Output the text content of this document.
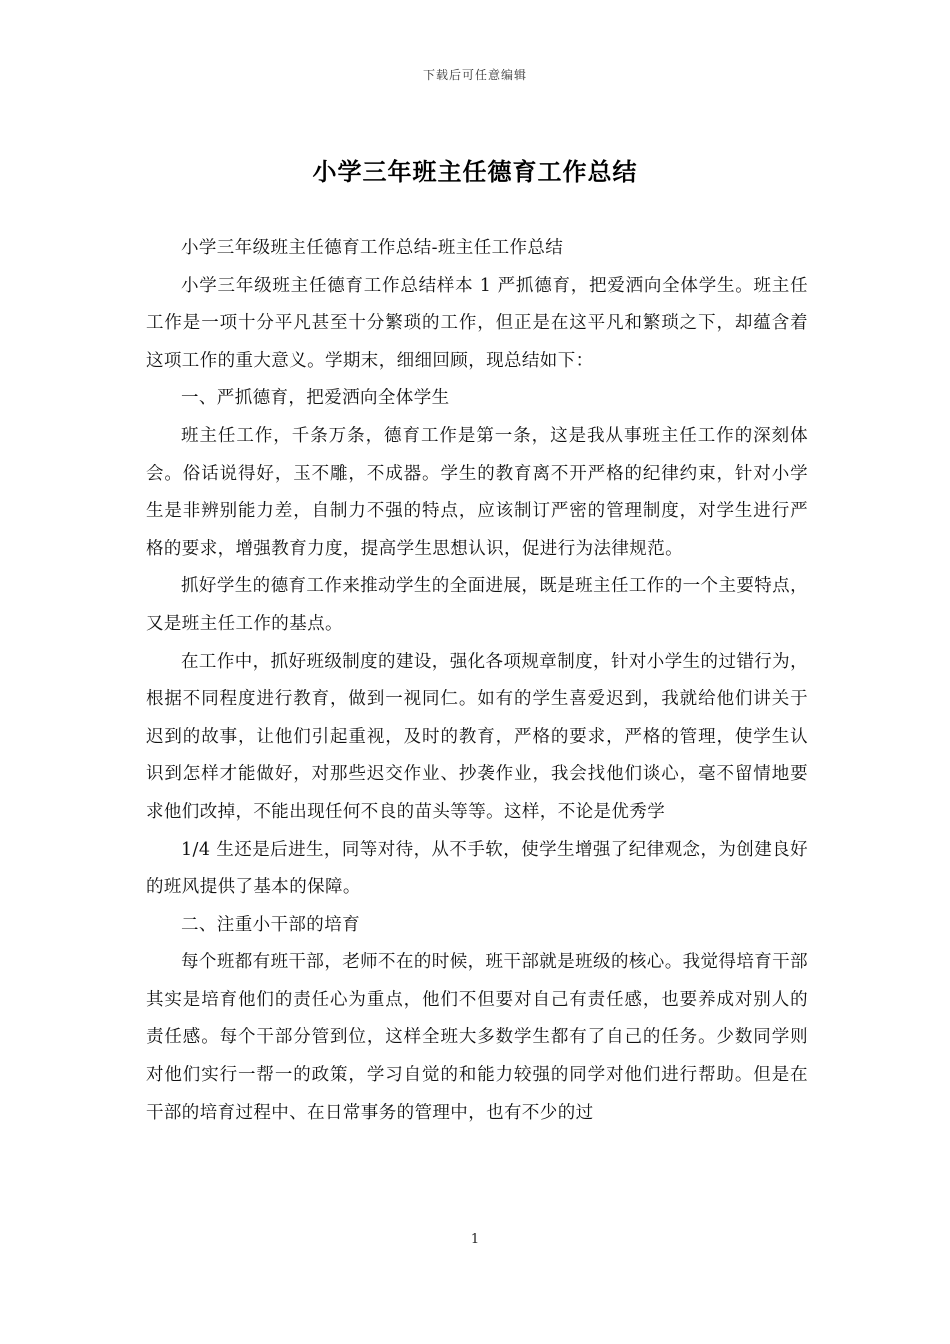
下载后可任意编辑
小学三年班主任德育工作总结

小学三年级班主任德育工作总结-班主任工作总结

小学三年级班主任德育工作总结样本 1 严抓德育，把爱洒向全体学生。班主任工作是一项十分平凡甚至十分繁琐的工作，但正是在这平凡和繁琐之下，却蕴含着这项工作的重大意义。学期末，细细回顾，现总结如下：

一、严抓德育，把爱洒向全体学生

班主任工作，千条万条，德育工作是第一条，这是我从事班主任工作的深刻体会。俗话说得好，玉不雕，不成器。学生的教育离不开严格的纪律约束，针对小学生是非辨别能力差，自制力不强的特点，应该制订严密的管理制度，对学生进行严格的要求，增强教育力度，提高学生思想认识，促进行为法律规范。

抓好学生的德育工作来推动学生的全面进展，既是班主任工作的一个主要特点，又是班主任工作的基点。

在工作中，抓好班级制度的建设，强化各项规章制度，针对小学生的过错行为，根据不同程度进行教育，做到一视同仁。如有的学生喜爱迟到，我就给他们讲关于迟到的故事，让他们引起重视，及时的教育，严格的要求，严格的管理，使学生认识到怎样才能做好，对那些迟交作业、抄袭作业，我会找他们谈心，毫不留情地要求他们改掉，不能出现任何不良的苗头等等。这样，不论是优秀学

1/4 生还是后进生，同等对待，从不手软，使学生增强了纪律观念，为创建良好的班风提供了基本的保障。

二、注重小干部的培育

每个班都有班干部，老师不在的时候，班干部就是班级的核心。我觉得培育干部其实是培育他们的责任心为重点，他们不但要对自己有责任感，也要养成对别人的责任感。每个干部分管到位，这样全班大多数学生都有了自己的任务。少数同学则对他们实行一帮一的政策，学习自觉的和能力较强的同学对他们进行帮助。但是在干部的培育过程中、在日常事务的管理中，也有不少的过

1
